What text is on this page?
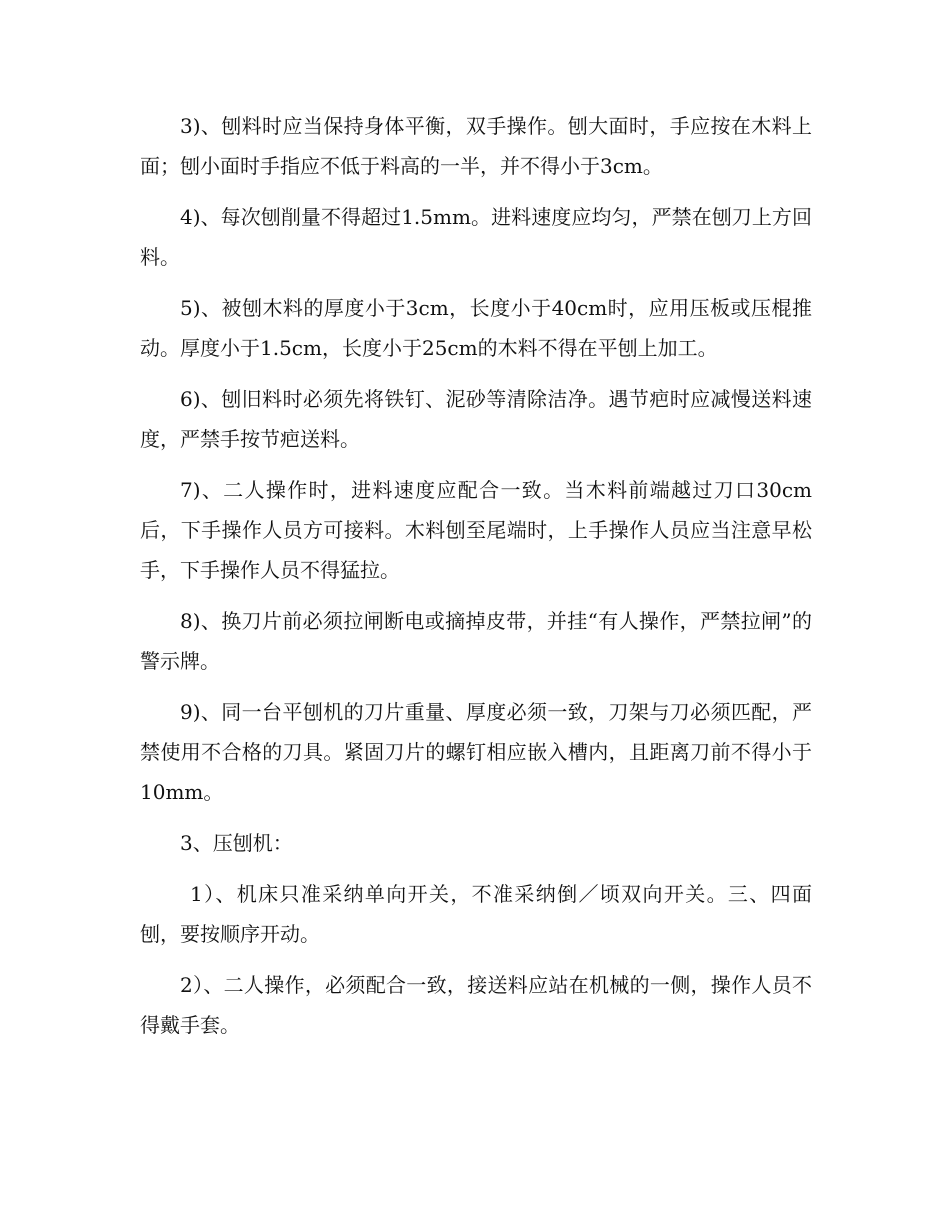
3)、刨料时应当保持身体平衡，双手操作。刨大面时，手应按在木料上面；刨小面时手指应不低于料高的一半，并不得小于3cm。

4)、每次刨削量不得超过1.5mm。进料速度应均匀，严禁在刨刀上方回料。

5)、被刨木料的厚度小于3cm，长度小于40cm时，应用压板或压棍推动。厚度小于1.5cm，长度小于25cm的木料不得在平刨上加工。

6)、刨旧料时必须先将铁钉、泥砂等清除洁净。遇节疤时应减慢送料速度，严禁手按节疤送料。

7)、二人操作时，进料速度应配合一致。当木料前端越过刀口30cm后，下手操作人员方可接料。木料刨至尾端时，上手操作人员应当注意早松手，下手操作人员不得猛拉。

8)、换刀片前必须拉闸断电或摘掉皮带，并挂“有人操作，严禁拉闸”的警示牌。

9)、同一台平刨机的刀片重量、厚度必须一致，刀架与刀必须匹配，严禁使用不合格的刀具。紧固刀片的螺钉相应嵌入槽内，且距离刀前不得小于10mm。

3、压刨机：

1）、机床只准采纳单向开关，不准采纳倒／顷双向开关。三、四面刨，要按顺序开动。

2）、二人操作，必须配合一致，接送料应站在机械的一侧，操作人员不得戴手套。
